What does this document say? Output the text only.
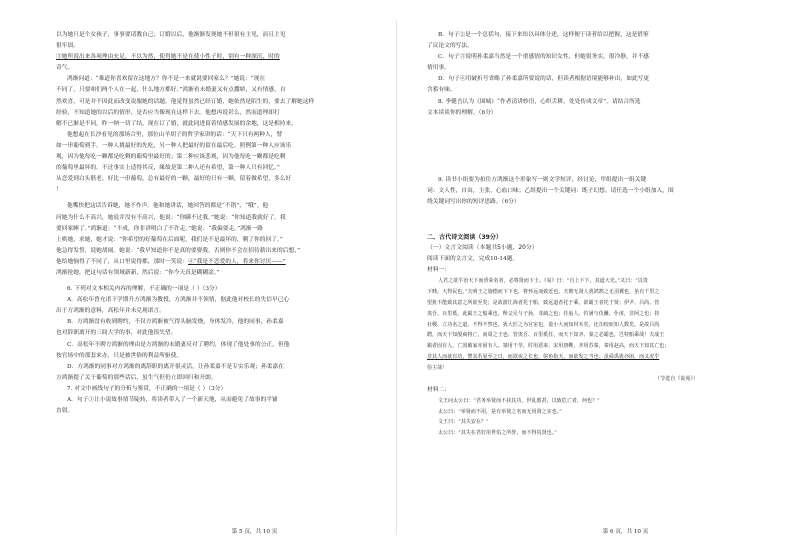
以为她只是个女孩子，事事要请教自己；订婚以后，他渐渐发现她不但很有主见，而且主见

很牢固。

③她所说出来各项理由充足，不以为然，使得她不是在使小性子时，别有一种深沉、时的

奇气。

鸿渐问道：“难道你喜欢留在这地方？你不是一来就说要回家么？”她说：“现在

不同了。只要咱们两个人在一起，什么地方都好。”鸿渐看未婚妻又有点撒娇，又有情感，自

然欢喜，可是并不因此而改变说服她的话题。他觉得虽然已经订婚，她依然是陌生的，要去了解她这样

经验，不知道她的以后的情形，是否应当像现在这样下去。他想再说甚么，然而道理却打

解不已渐是不同，昨一纳一切了结，现在订了婚，就此同进留着情感发展的余地，这是相持来。

他想起在长沙看见的那场合里，那位山羊胡子的哲学家讲的话：“天下只有两种人，譬

如一串葡萄到手，一种人挑最好的先吃，另一种人把最好的留在最后吃。照例第一种人应该乐

观，因为他每吃一颗都是吃剩的葡萄里最好的；第二种应该悲观，因为他每吃一颗都是吃剩

的葡萄里最坏的。不过事实上适得其反，缘故是第二种人还有希望，第一种人只有回忆。”

从恋爱到白头偕老，好比一串葡萄，总有最好的一颗，最好的只有一颗，留着做希望，多么好

！

他嘴快把这话告诉她，她不作声。他和她讲话，她回答的都是“不错”，“哦”。他

问她为什么不高兴，她说并没有不高兴，他说：“你瞒不过我。”她说：“你知道我就好了。我

要回家睡了。”鸿渐道：“不成，你非讲明白了不许走。”她说：“我偏要走。”鸿渐一路

上哄她，求她，她才说：“你希望的好葡萄在后面呢，我们是不是最坏的，剩了你的回了。”

他急得发誓，说她胡闹。她说：“我早知道你不是真的要娶我，否则你不会在招待薪出来的后想，”

他给她恼得了不同了，从口里说得都，那时一笑说：④“我是不恋爱的人，将来你讨厌——”

鸿渐抢她，把这句话有领域新新，然后说：“你今天真是糊糊涂。”

6. 下列对文本相关内容的理解，不正确的一项是（ ）（3分）

A．高松年曾允诺下学期升方鸿渐为教授，方鸿渐并不领情，据此他对校长的失信早已心

出于方鸿渐的意料，高松年并未兑现诺言。

B．方鸿渐没有收到聘约，不仅方鸿渐被气得头脑发烧，身体发冷，他的同事，孙柔嘉

也对辞职离开的三闾大学的事，对此他很失望。

C．高松年不聘方鸿渐的理由是方鸿渐的未婚妻反对了聘约，体现了他处事的公正，但他

按官场中的那套来办，只是被世俗的利益所驱使。

D．方鸿渐的同事对方鸿渐的离辞职的离开很灵活，让孙柔嘉不是专实乐观；孙柔嘉在

方鸿渐提了关于葡萄的那些话后，虽生气但仍立即回归和开朗。

7. 对文中画线句子的分析与鉴赏，不正确的一项是（ ）（3分）

A．句子①让小说故事情节陡转，将读者带入了一个新天地，从而避免了故事的平铺

直叙。

第 5 页，共 10 页

B．句子②是一个总括句，接下来给以具体分述，这样便于读者给以把握，这是借鉴

了议论文的写法。

C．句子③说明孙柔嘉当然是一个重感情的知识女性，但她很务实，很冷静，并不感

情用事。

D．句子④用破折号省略了孙柔嘉所要说的话，但读者根据语境能够补出，如此写更

含蓄有味。

8. 李健吾认为《围城》“作者清讲妙语，心织舌耕，处处传成文章”。请结合所选

文本谈谈你的理解。（6分）

9. 读书小组要为扣住方鸿渐这个形象写一则文学短评，经讨论，甲组提出一组关键

词：文人性，自由，主张，心血口味；乙组提出一个关键词：既子幻想。请任选一个小组加入，围

绕关键词写出你的短评思路。（6分）

二、古代诗文阅读（39分）

（一）文言文阅读（本题共5小题，20分）

阅读下面的文言文，完成10-14题。

材料一：

人君之欲平治天下而垂荣名者，必尊贤而下士。《易》曰：“自上下下，其道大光。”又曰：“以贵

下贱，大得民也。”夫明王之施德而下下也，将怀远而致近也。夫朝无贤人犹鸿鹄之无羽翼也，虽有千里之

望犹不能致其意之所欲至矣；是故游江海者托于船，致远道者托于乘，欲霸王者托于贤；伊尹、吕尚、管

夷吾、百里奚，此霸王之船乘也。释父兄与子孙，非疏之也；任庖人、钓屠与仇雠、仆虏，非阿之也；持

社稷、立功名之道，不得不然也。犹大匠之为宫室也，量小大而知材木矣，比功校而知人数矣。是故吕尚

聘，而天下知殷商将亡，而周之王也；管夷吾、百里奚任，而天下知齐、秦之必霸也，岂特船乘哉！夫成王

霸者固有人，亡国破家亦固有人。桀用干莘，纣用恶来，宋用唐鞅，齐用苏秦，秦用赵高，而天下知其亡也；

非其人而欲有功，譬其若夏至之日，而欲夜之长也，射鱼指天，而欲发之当也；虽舜禹犹亦困，而又况乎

俗主哉！

（节选自《说苑》）

材料二：

文王问太公曰：“君务举贤而不获其功，世乱愈甚，以致危亡者，何也？”

太公曰：“举贤而不用，是有举贤之名而无用贤之实也。”

文王曰：“其失安在？”

太公曰：“其失在君好用世俗之所誉，而不得真贤也。”

第 6 页，共 10 页
